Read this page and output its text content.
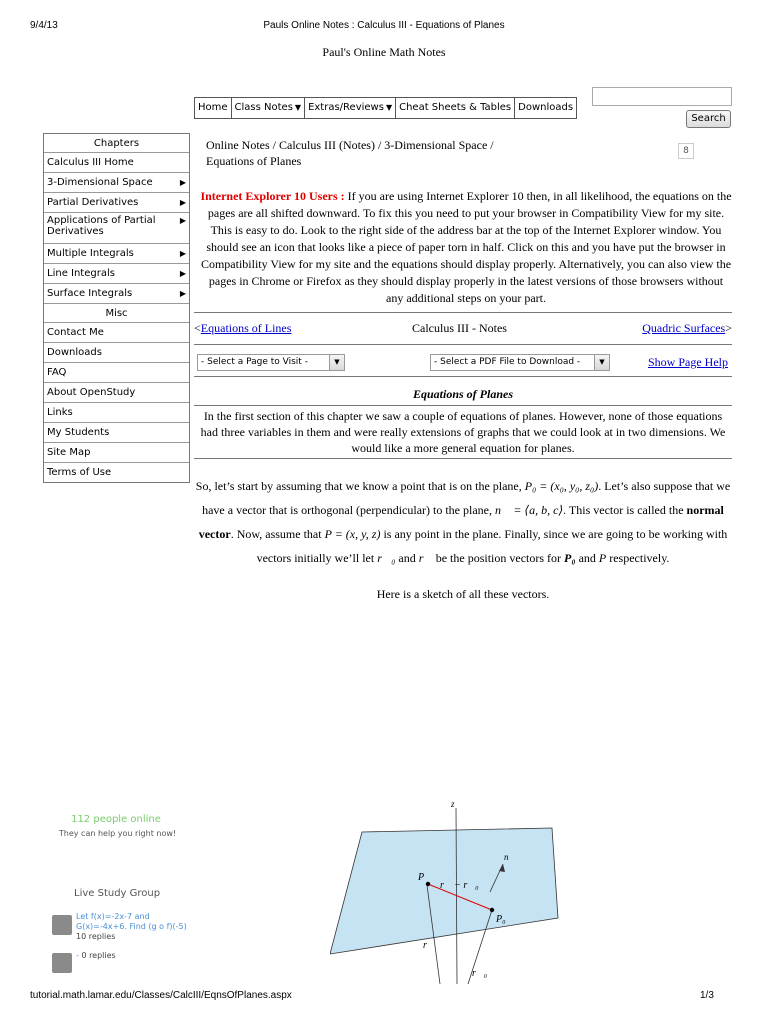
9/4/13	Pauls Online Notes : Calculus III - Equations of Planes
Paul's Online Math Notes
Home Class Notes ▼ Extras/Reviews ▼ Cheat Sheets & Tables Downloads
Search
Chapters
Calculus III Home
3-Dimensional Space	▶
Partial Derivatives	▶
Applications of Partial Derivatives
▶
Multiple Integrals	▶
Line Integrals	▶
Surface Integrals	▶
Misc
Contact Me
Downloads
FAQ
About OpenStudy
Links
My Students
Site Map
Terms of Use
Online Notes / Calculus III (Notes) / 3-Dimensional Space /
Equations of Planes
8
Internet Explorer 10 Users : If you are using Internet Explorer 10 then, in all likelihood, the equations on the pages are all shifted downward. To fix this you need to put your browser in Compatibility View for my site. This is easy to do. Look to the right side of the address bar at the top of the Internet Explorer window. You should see an icon that looks like a piece of paper torn in half. Click on this and you have put the browser in Compatibility View for my site and the equations should display properly. Alternatively, you can also view the pages in Chrome or Firefox as they should display properly in the latest versions of those browsers without any additional steps on your part.
<Equations of Lines	Calculus III - Notes	Quadric Surfaces>
- Select a Page to Visit -	▼	- Select a PDF File to Download -	▼	Show Page Help
Equations of Planes
In the first section of this chapter we saw a couple of equations of planes. However, none of those equations had three variables in them and were really extensions of graphs that we could look at in two dimensions. We would like a more general equation for planes.
So, let’s start by assuming that we know a point that is on the plane, P₀ = (x₀, y₀, z₀). Let’s also suppose that we have a vector that is orthogonal (perpendicular) to the plane, n⃗ = ⟨a, b, c⟩. This vector is called the normal vector. Now, assume that P = (x, y, z) is any point in the plane. Finally, since we are going to be working with vectors initially we’ll let r⃗₀ and r⃗ be the position vectors for P₀ and P respectively.
Here is a sketch of all these vectors.
112 people online
They can help you right now!
Live Study Group
Let f(x)=-2x-7 and G(x)=-4x+6. Find (g o f)(-5) 10 replies
- 0 replies
z
P
P₀
n⃗
r⃗ − r⃗₀
r⃗
r⃗₀
tutorial.math.lamar.edu/Classes/CalcIII/EqnsOfPlanes.aspx	1/3
